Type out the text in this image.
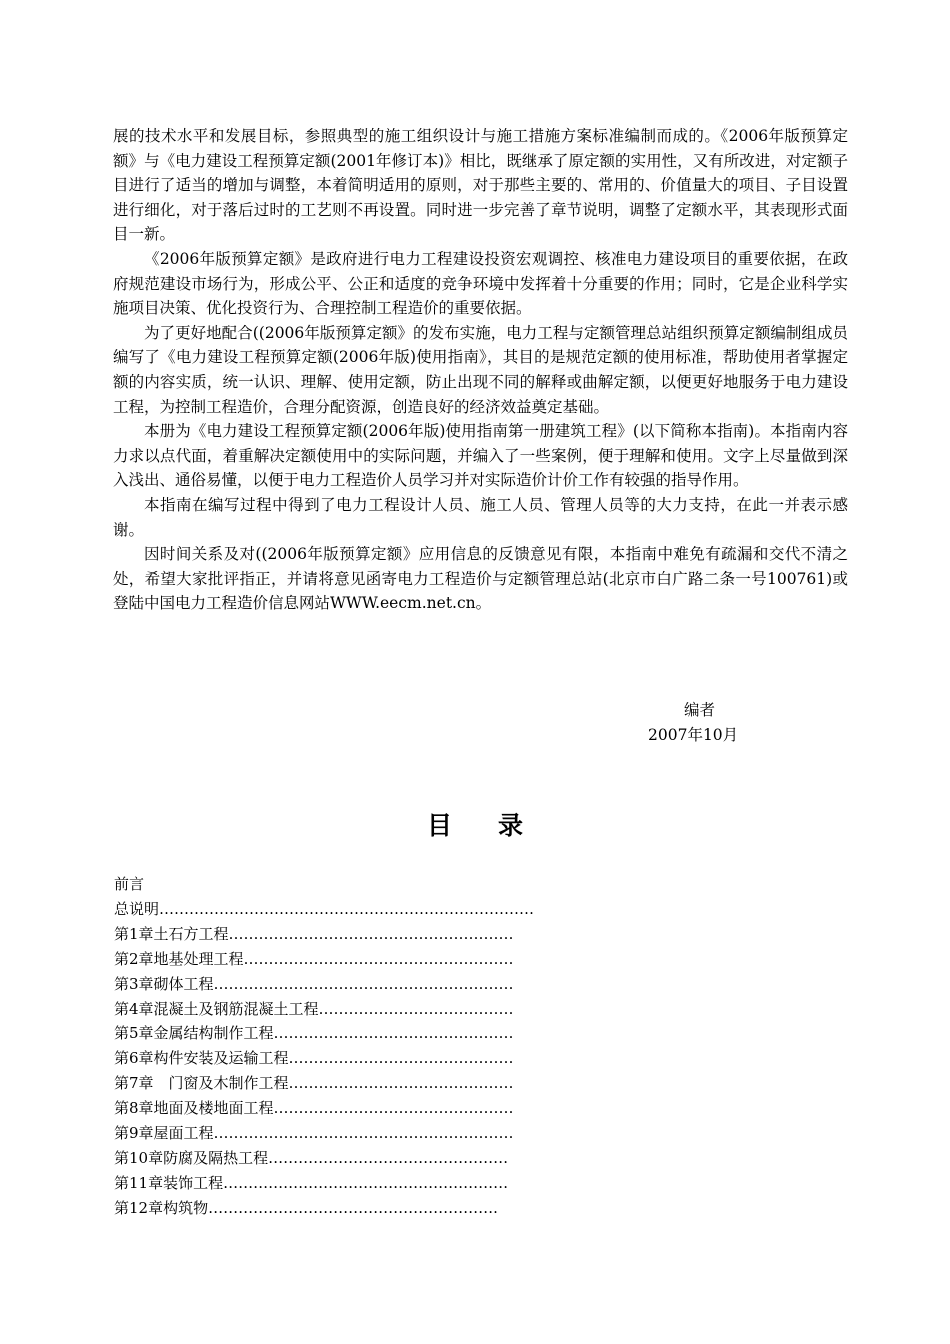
展的技术水平和发展目标，参照典型的施工组织设计与施工措施方案标准编制而成的。《2006年版预算定额》与《电力建设工程预算定额(2001年修订本)》相比，既继承了原定额的实用性，又有所改进，对定额子目进行了适当的增加与调整，本着简明适用的原则，对于那些主要的、常用的、价值量大的项目、子目设置进行细化，对于落后过时的工艺则不再设置。同时进一步完善了章节说明，调整了定额水平，其表现形式面目一新。

《2006年版预算定额》是政府进行电力工程建设投资宏观调控、核准电力建设项目的重要依据，在政府规范建设市场行为，形成公平、公正和适度的竞争环境中发挥着十分重要的作用；同时，它是企业科学实施项目决策、优化投资行为、合理控制工程造价的重要依据。

为了更好地配合((2006年版预算定额》的发布实施，电力工程与定额管理总站组织预算定额编制组成员编写了《电力建设工程预算定额(2006年版)使用指南》，其目的是规范定额的使用标准，帮助使用者掌握定额的内容实质，统一认识、理解、使用定额，防止出现不同的解释或曲解定额，以便更好地服务于电力建设工程，为控制工程造价，合理分配资源，创造良好的经济效益奠定基础。

本册为《电力建设工程预算定额(2006年版)使用指南第一册建筑工程》(以下简称本指南)。本指南内容力求以点代面，着重解决定额使用中的实际问题，并编入了一些案例，便于理解和使用。文字上尽量做到深入浅出、通俗易懂，以便于电力工程造价人员学习并对实际造价计价工作有较强的指导作用。

本指南在编写过程中得到了电力工程设计人员、施工人员、管理人员等的大力支持，在此一并表示感谢。

因时间关系及对((2006年版预算定额》应用信息的反馈意见有限，本指南中难免有疏漏和交代不清之处，希望大家批评指正，并请将意见函寄电力工程造价与定额管理总站(北京市白广路二条一号100761)或登陆中国电力工程造价信息网站WWW.eecm.net.cn。

编者
2007年10月
目录
前言
总说明…………………………………………………………………
第1章土石方工程…………………………………………………
第2章地基处理工程………………………………………………
第3章砌体工程……………………………………………………
第4章混凝土及钢筋混凝土工程…………………………………
第5章金属结构制作工程…………………………………………
第6章构件安装及运输工程………………………………………
第7章　门窗及木制作工程………………………………………
第8章地面及楼地面工程…………………………………………
第9章屋面工程……………………………………………………
第10章防腐及隔热工程…………………………………………
第11章装饰工程…………………………………………………
第12章构筑物………………………………………………….
